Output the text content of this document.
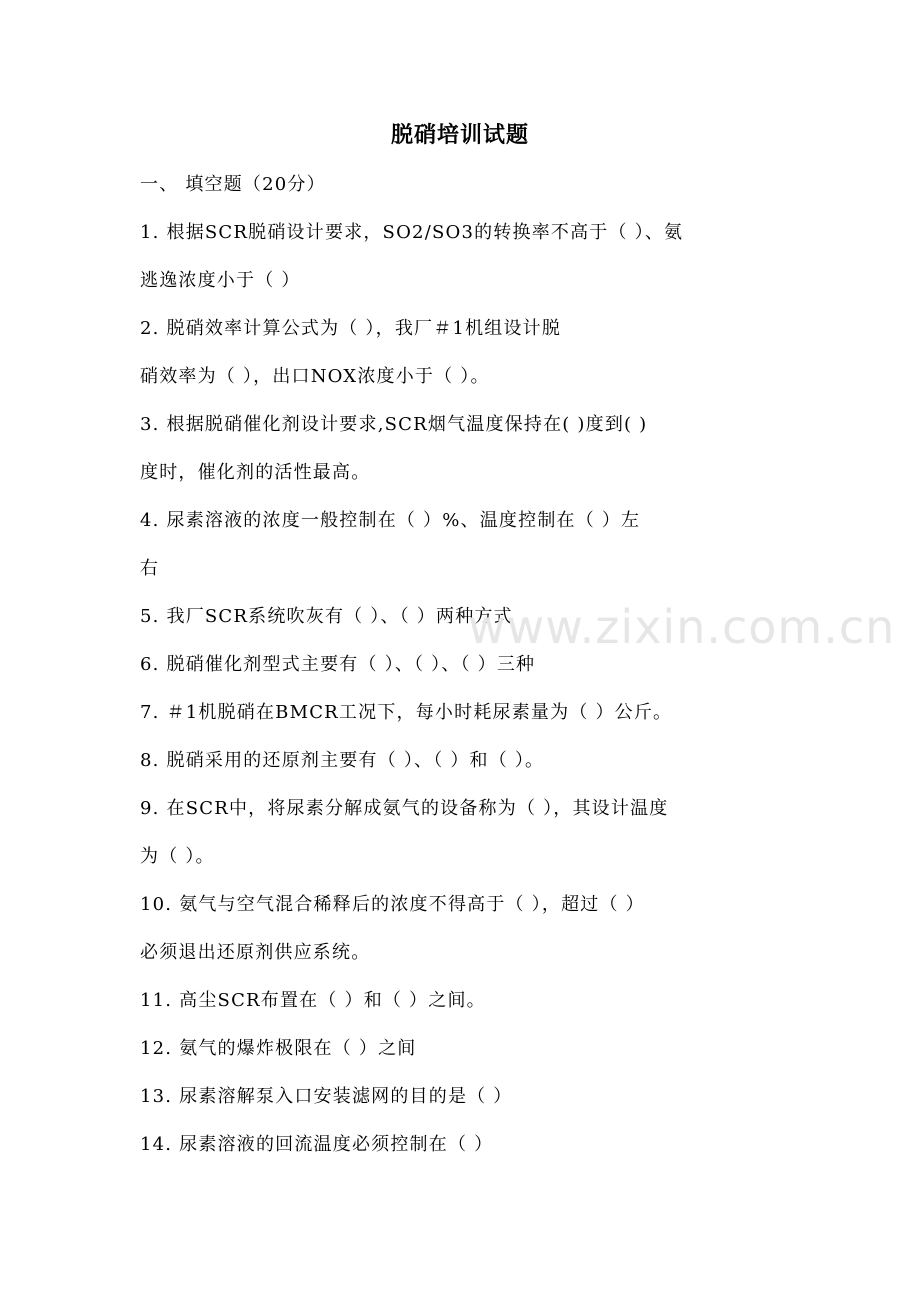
脱硝培训试题
一、 填空题（20分）
1. 根据SCR脱硝设计要求，SO2/SO3的转换率不高于（ ）、氨
逃逸浓度小于（ ）
2. 脱硝效率计算公式为（ ），我厂＃1机组设计脱
硝效率为（ ），出口NOX浓度小于（ ）。
3. 根据脱硝催化剂设计要求,SCR烟气温度保持在( )度到( )
度时，催化剂的活性最高。
4. 尿素溶液的浓度一般控制在（ ）%、温度控制在（ ）左
右
5. 我厂SCR系统吹灰有（ ）、（ ）两种方式
6. 脱硝催化剂型式主要有（ ）、（ ）、（ ）三种
7. ＃1机脱硝在BMCR工况下，每小时耗尿素量为（ ）公斤。
8. 脱硝采用的还原剂主要有（ ）、（ ）和（ ）。
9. 在SCR中，将尿素分解成氨气的设备称为（ ），其设计温度
为（ ）。
10. 氨气与空气混合稀释后的浓度不得高于（ ），超过（ ）
必须退出还原剂供应系统。
11. 高尘SCR布置在（ ）和（ ）之间。
12. 氨气的爆炸极限在（ ）之间
13. 尿素溶解泵入口安装滤网的目的是（ ）
14. 尿素溶液的回流温度必须控制在（ ）
www.zixin.com.cn
